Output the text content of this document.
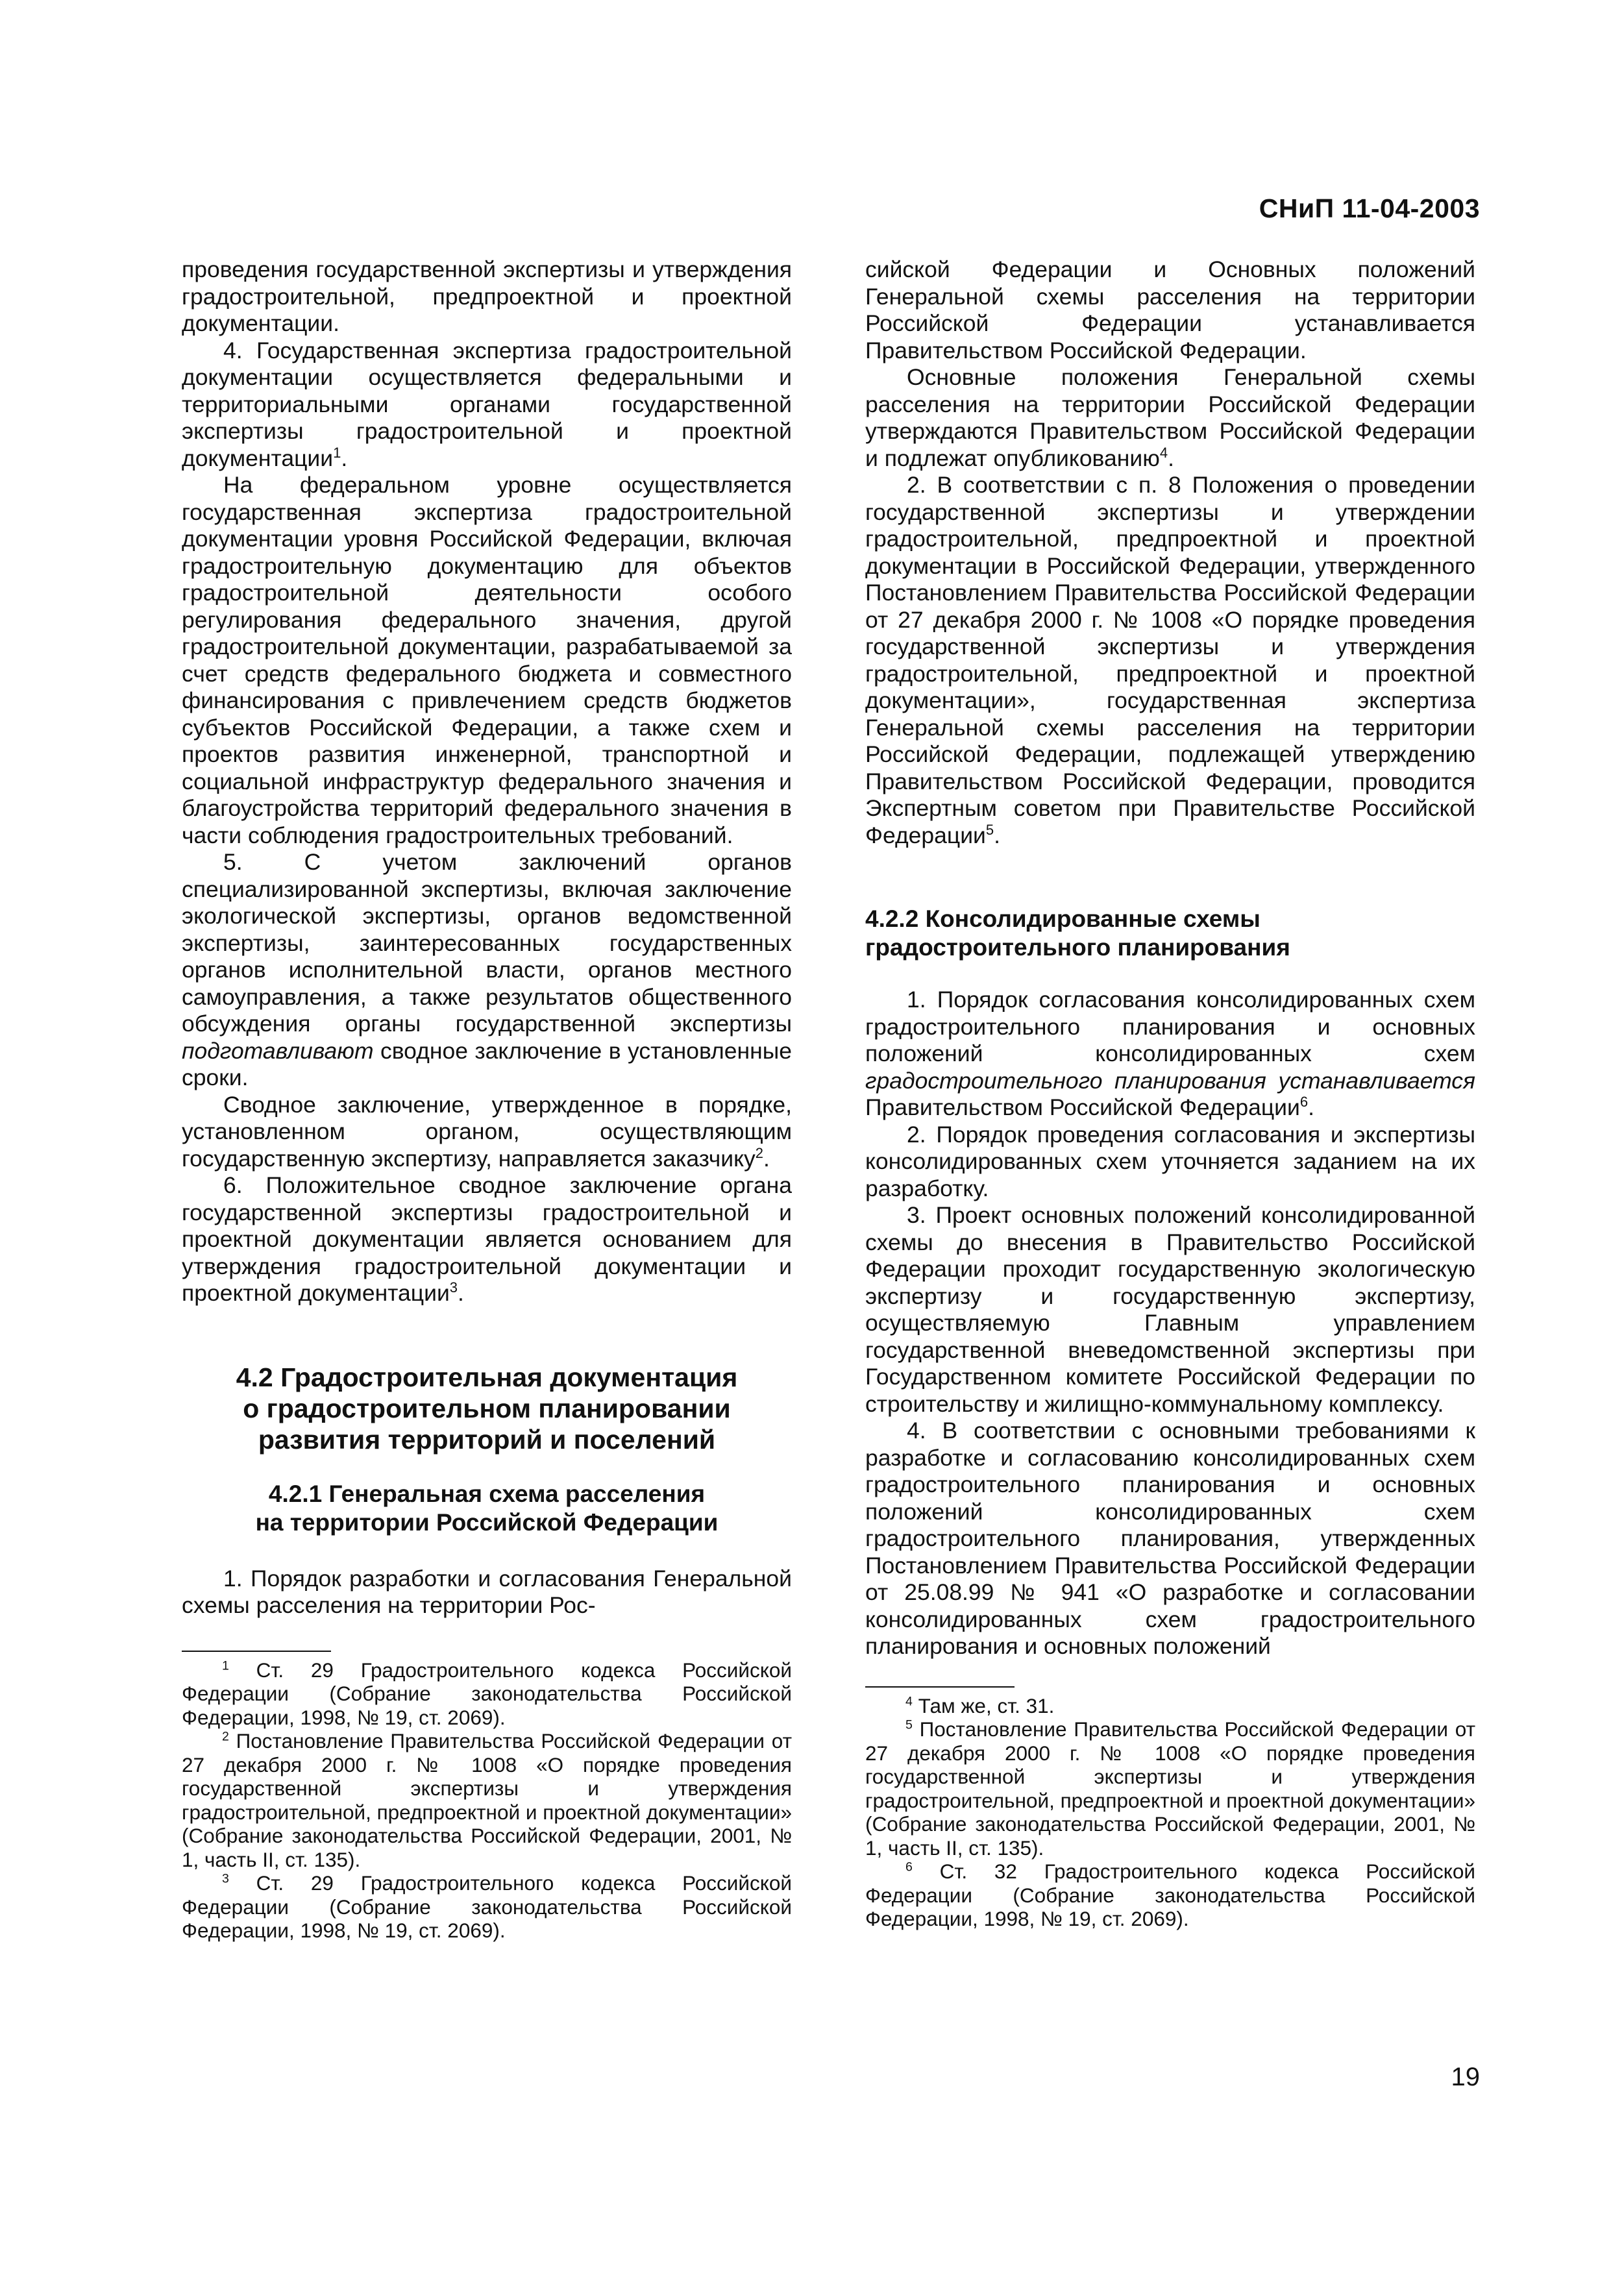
СНиП 11-04-2003

проведения государственной экспертизы и утверждения градостроительной, предпроектной и проектной документации.

4. Государственная экспертиза градостроительной документации осуществляется федеральными и территориальными органами государственной экспертизы градостроительной и проектной документации$^1$.

На федеральном уровне осуществляется государственная экспертиза градостроительной документации уровня Российской Федерации, включая градостроительную документацию для объектов градостроительной деятельности особого регулирования федерального значения, другой градостроительной документации, разрабатываемой за счет средств федерального бюджета и совместного финансирования с привлечением средств бюджетов субъектов Российской Федерации, а также схем и проектов развития инженерной, транспортной и социальной инфраструктур федерального значения и благоустройства территорий федерального значения в части соблюдения градостроительных требований.

5. С учетом заключений органов специализированной экспертизы, включая заключение экологической экспертизы, органов ведомственной экспертизы, заинтересованных государственных органов исполнительной власти, органов местного самоуправления, а также результатов общественного обсуждения органы государственной экспертизы подготавливают сводное заключение в установленные сроки.

Сводное заключение, утвержденное в порядке, установленном органом, осуществляющим государственную экспертизу, направляется заказчику$^2$.

6. Положительное сводное заключение органа государственной экспертизы градостроительной и проектной документации является основанием для утверждения градостроительной документации и проектной документации$^3$.

4.2 Градостроительная документация
о градостроительном планировании
развития территорий и поселений
4.2.1 Генеральная схема расселения
на территории Российской Федерации

1. Порядок разработки и согласования Генеральной схемы расселения на территории Рос-

$^1$ Ст. 29 Градостроительного кодекса Российской Федерации (Собрание законодательства Российской Федерации, 1998, № 19, ст. 2069).

$^2$ Постановление Правительства Российской Федерации от 27 декабря 2000 г. № 1008 «О порядке проведения государственной экспертизы и утверждения градостроительной, предпроектной и проектной документации» (Собрание законодательства Российской Федерации, 2001, № 1, часть II, ст. 135).

$^3$ Ст. 29 Градостроительного кодекса Российской Федерации (Собрание законодательства Российской Федерации, 1998, № 19, ст. 2069).

сийской Федерации и Основных положений Генеральной схемы расселения на территории Российской Федерации устанавливается Правительством Российской Федерации.

Основные положения Генеральной схемы расселения на территории Российской Федерации утверждаются Правительством Российской Федерации и подлежат опубликованию$^4$.

2. В соответствии с п. 8 Положения о проведении государственной экспертизы и утверждении градостроительной, предпроектной и проектной документации в Российской Федерации, утвержденного Постановлением Правительства Российской Федерации от 27 декабря 2000 г. № 1008 «О порядке проведения государственной экспертизы и утверждения градостроительной, предпроектной и проектной документации», государственная экспертиза Генеральной схемы расселения на территории Российской Федерации, подлежащей утверждению Правительством Российской Федерации, проводится Экспертным советом при Правительстве Российской Федерации$^5$.

4.2.2 Консолидированные схемы
градостроительного планирования

1. Порядок согласования консолидированных схем градостроительного планирования и основных положений консолидированных схем градостроительного планирования устанавливается Правительством Российской Федерации$^6$.

2. Порядок проведения согласования и экспертизы консолидированных схем уточняется заданием на их разработку.

3. Проект основных положений консолидированной схемы до внесения в Правительство Российской Федерации проходит государственную экологическую экспертизу и государственную экспертизу, осуществляемую Главным управлением государственной вневедомственной экспертизы при Государственном комитете Российской Федерации по строительству и жилищно-коммунальному комплексу.

4. В соответствии с основными требованиями к разработке и согласованию консолидированных схем градостроительного планирования и основных положений консолидированных схем градостроительного планирования, утвержденных Постановлением Правительства Российской Федерации от 25.08.99 № 941 «О разработке и согласовании консолидированных схем градостроительного планирования и основных положений

$^4$ Там же, ст. 31.

$^5$ Постановление Правительства Российской Федерации от 27 декабря 2000 г. № 1008 «О порядке проведения государственной экспертизы и утверждения градостроительной, предпроектной и проектной документации» (Собрание законодательства Российской Федерации, 2001, № 1, часть II, ст. 135).

$^6$ Ст. 32 Градостроительного кодекса Российской Федерации (Собрание законодательства Российской Федерации, 1998, № 19, ст. 2069).

19
